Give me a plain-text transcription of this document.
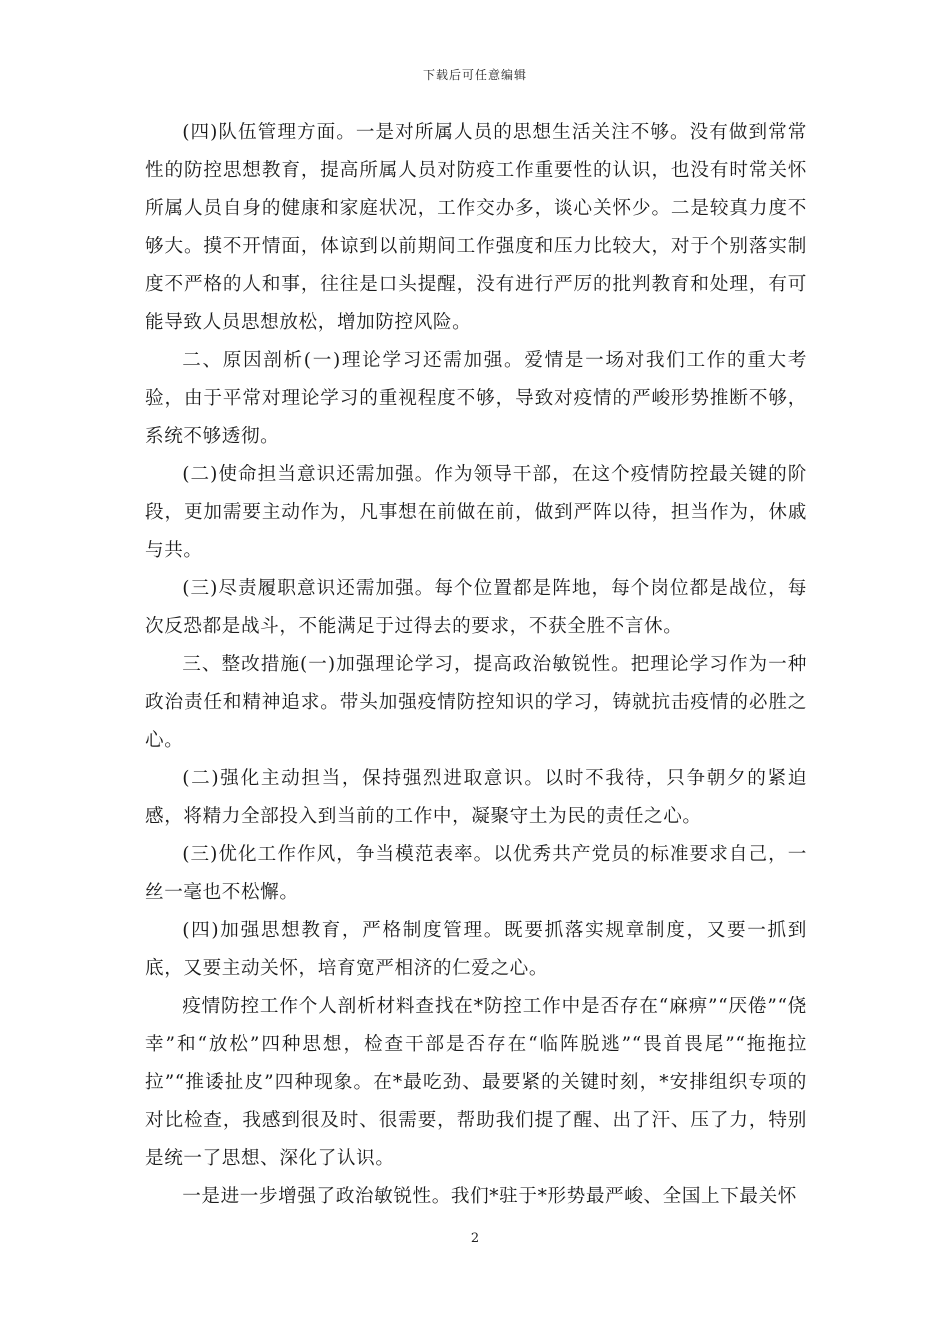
下载后可任意编辑

(四)队伍管理方面。一是对所属人员的思想生活关注不够。没有做到常常性的防控思想教育，提高所属人员对防疫工作重要性的认识，也没有时常关怀所属人员自身的健康和家庭状况，工作交办多，谈心关怀少。二是较真力度不够大。摸不开情面，体谅到以前期间工作强度和压力比较大，对于个别落实制度不严格的人和事，往往是口头提醒，没有进行严厉的批判教育和处理，有可能导致人员思想放松，增加防控风险。

二、原因剖析(一)理论学习还需加强。爱情是一场对我们工作的重大考验，由于平常对理论学习的重视程度不够，导致对疫情的严峻形势推断不够，系统不够透彻。

(二)使命担当意识还需加强。作为领导干部，在这个疫情防控最关键的阶段，更加需要主动作为，凡事想在前做在前，做到严阵以待，担当作为，休戚与共。

(三)尽责履职意识还需加强。每个位置都是阵地，每个岗位都是战位，每次反恐都是战斗，不能满足于过得去的要求，不获全胜不言休。

三、整改措施(一)加强理论学习，提高政治敏锐性。把理论学习作为一种政治责任和精神追求。带头加强疫情防控知识的学习，铸就抗击疫情的必胜之心。

(二)强化主动担当，保持强烈进取意识。以时不我待，只争朝夕的紧迫感，将精力全部投入到当前的工作中，凝聚守土为民的责任之心。

(三)优化工作作风，争当模范表率。以优秀共产党员的标准要求自己，一丝一毫也不松懈。

(四)加强思想教育，严格制度管理。既要抓落实规章制度，又要一抓到底，又要主动关怀，培育宽严相济的仁爱之心。

疫情防控工作个人剖析材料查找在*防控工作中是否存在“麻痹”“厌倦”“侥幸”和“放松”四种思想，检查干部是否存在“临阵脱逃”“畏首畏尾”“拖拖拉拉”“推诿扯皮”四种现象。在*最吃劲、最要紧的关键时刻，*安排组织专项的对比检查，我感到很及时、很需要，帮助我们提了醒、出了汗、压了力，特别是统一了思想、深化了认识。

一是进一步增强了政治敏锐性。我们*驻于*形势最严峻、全国上下最关怀

2
